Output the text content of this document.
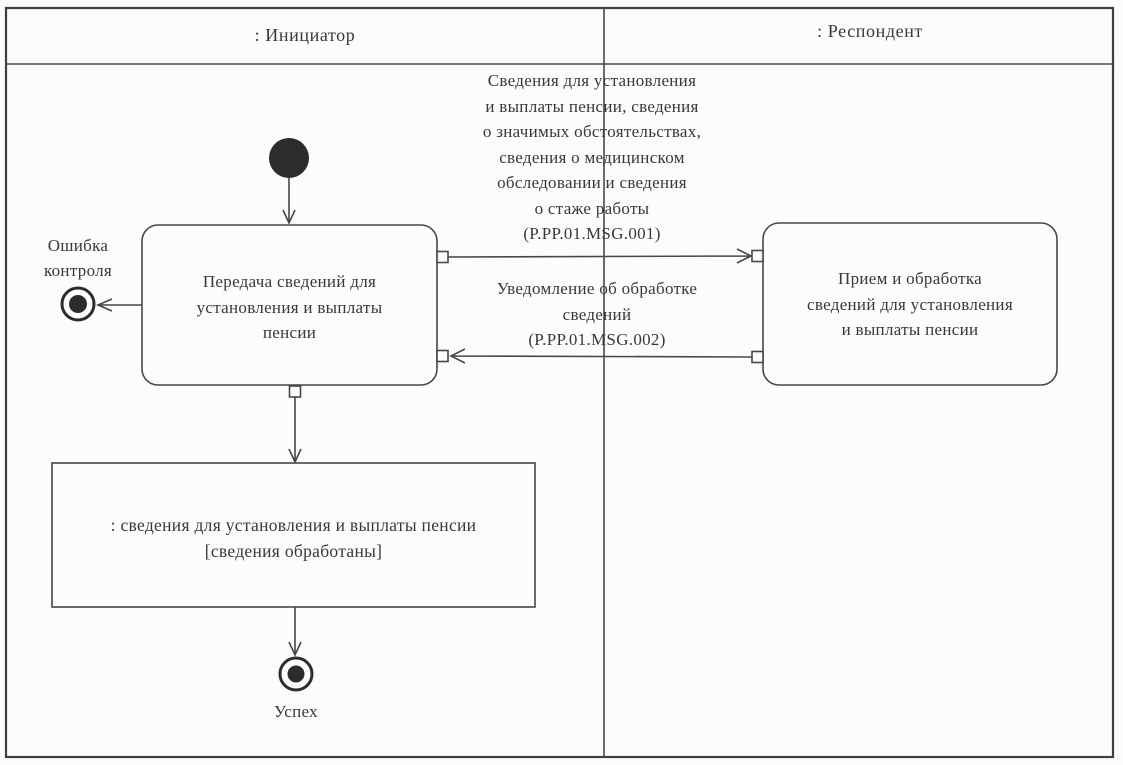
: Инициатор	: Респондент
Сведения для установления
и выплаты пенсии, сведения
о значимых обстоятельствах,
сведения о медицинском
обследовании и сведения
о стаже работы
(P.PP.01.MSG.001)
Уведомление об обработке
сведений
(P.PP.01.MSG.002)
Передача сведений для
установления и выплаты
пенсии
Прием и обработка
сведений для установления
и выплаты пенсии
: сведения для установления и выплаты пенсии
[сведения обработаны]
Ошибка
контроля
Успех
